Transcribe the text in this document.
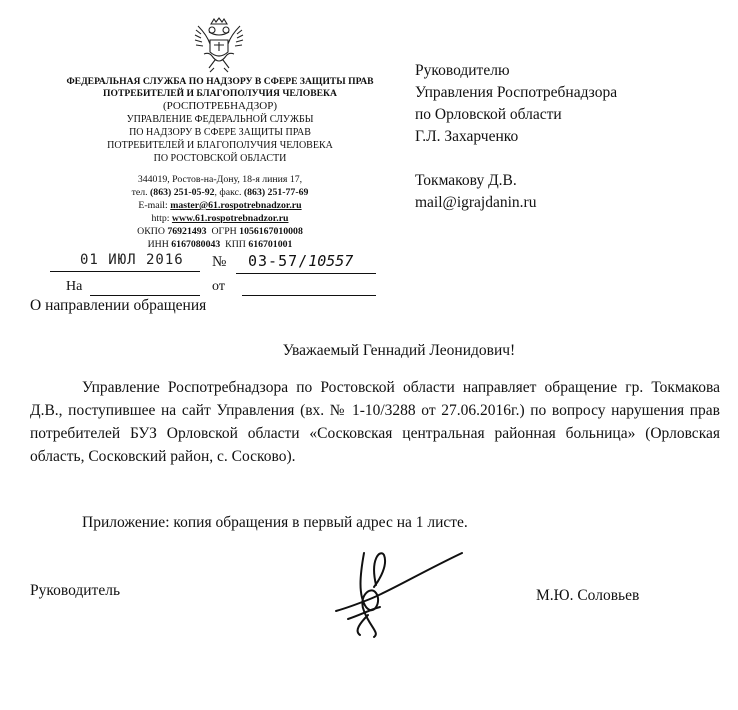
ФЕДЕРАЛЬНАЯ СЛУЖБА ПО НАДЗОРУ В СФЕРЕ ЗАЩИТЫ ПРАВ
ПОТРЕБИТЕЛЕЙ И БЛАГОПОЛУЧИЯ ЧЕЛОВЕКА
(РОСПОТРЕБНАДЗОР)
УПРАВЛЕНИЕ ФЕДЕРАЛЬНОЙ СЛУЖБЫ
ПО НАДЗОРУ В СФЕРЕ ЗАЩИТЫ ПРАВ
ПОТРЕБИТЕЛЕЙ И БЛАГОПОЛУЧИЯ ЧЕЛОВЕКА
ПО РОСТОВСКОЙ ОБЛАСТИ
344019, Ростов-на-Дону, 18-я линия 17,
тел. (863) 251-05-92, факс. (863) 251-77-69
E-mail: master@61.rospotrebnadzor.ru
http: www.61.rospotrebnadzor.ru
ОКПО 76921493 ОГРН 1056167010008
ИНН 6167080043 КПП 616701001
01 ИЮЛ 2016 № 03-57/10557
На	от
О направлении обращения
Руководителю
Управления Роспотребнадзора
по Орловской области
Г.Л. Захарченко
Токмакову Д.В.
mail@igrajdanin.ru
Уважаемый Геннадий Леонидович!
Управление Роспотребнадзора по Ростовской области направляет обращение гр. Токмакова Д.В., поступившее на сайт Управления (вх. № 1-10/3288 от 27.06.2016г.) по вопросу нарушения прав потребителей БУЗ Орловской области «Сосковская центральная районная больница» (Орловская область, Сосковский район, с. Сосково).
Приложение: копия обращения в первый адрес на 1 листе.
Руководитель	М.Ю. Соловьев
